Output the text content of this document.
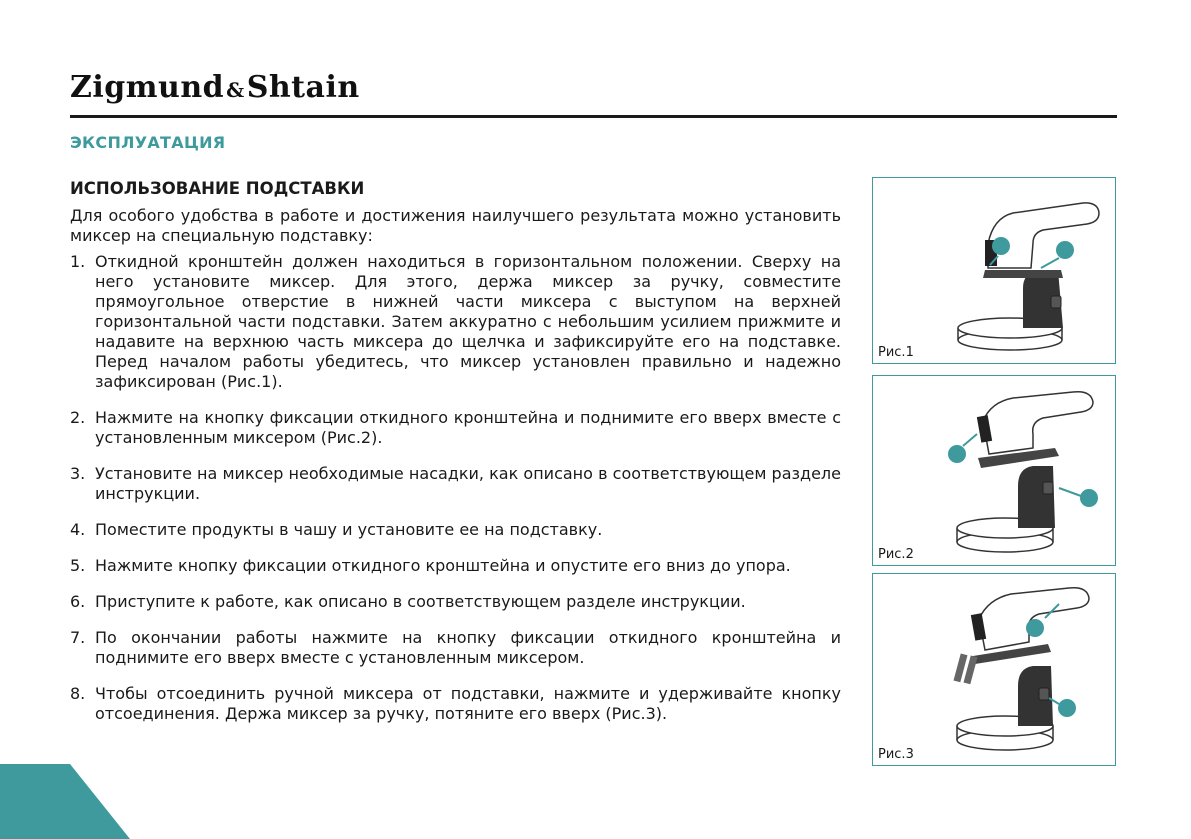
Zigmund &Shtain
ЭКСПЛУАТАЦИЯ
ИСПОЛЬЗОВАНИЕ ПОДСТАВКИ
Для особого удобства в работе и достижения наилучшего результата можно установить миксер на специальную подставку:
1. Откидной кронштейн должен находиться в горизонтальном положении. Сверху на него установите миксер. Для этого, держа миксер за ручку, совместите прямоугольное отверстие в нижней части миксера с выступом на верхней горизонтальной части подставки. Затем аккуратно с небольшим усилием прижмите и надавите на верхнюю часть миксера до щелчка и зафиксируйте его на подставке. Перед началом работы убедитесь, что миксер установлен правильно и надежно зафиксирован (Рис.1).
2. Нажмите на кнопку фиксации откидного кронштейна и поднимите его вверх вместе с установленным миксером (Рис.2).
3. Установите на миксер необходимые насадки, как описано в соответствующем разделе инструкции.
4. Поместите продукты в чашу и установите ее на подставку.
5. Нажмите кнопку фиксации откидного кронштейна и опустите его вниз до упора.
6. Приступите к работе, как описано в соответствующем разделе инструкции.
7. По окончании работы нажмите на кнопку фиксации откидного кронштейна и поднимите его вверх вместе с установленным миксером.
8. Чтобы отсоединить ручной миксера от подставки, нажмите и удерживайте кнопку отсоединения. Держа миксер за ручку, потяните его вверх (Рис.3).
Рис.1
Рис.2
Рис.3
